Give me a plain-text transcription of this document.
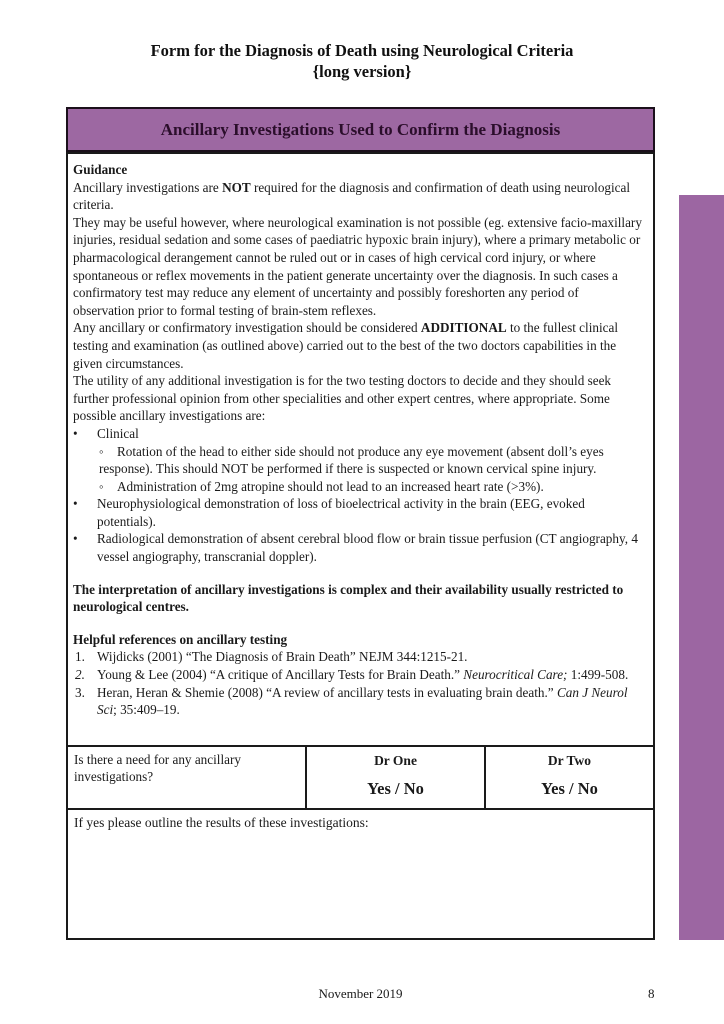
Form for the Diagnosis of Death using Neurological Criteria
{long version}
Ancillary Investigations Used to Confirm the Diagnosis
Guidance
Ancillary investigations are NOT required for the diagnosis and confirmation of death using neurological criteria.
They may be useful however, where neurological examination is not possible (eg. extensive facio-maxillary injuries, residual sedation and some cases of paediatric hypoxic brain injury), where a primary metabolic or pharmacological derangement cannot be ruled out or in cases of high cervical cord injury, or where spontaneous or reflex movements in the patient generate uncertainty over the diagnosis. In such cases a confirmatory test may reduce any element of uncertainty and possibly foreshorten any period of observation prior to formal testing of brain-stem reflexes.
Any ancillary or confirmatory investigation should be considered ADDITIONAL to the fullest clinical testing and examination (as outlined above) carried out to the best of the two doctors capabilities in the given circumstances.
The utility of any additional investigation is for the two testing doctors to decide and they should seek further professional opinion from other specialities and other expert centres, where appropriate. Some possible ancillary investigations are:
• Clinical
◦ Rotation of the head to either side should not produce any eye movement (absent doll’s eyes response). This should NOT be performed if there is suspected or known cervical spine injury.
◦ Administration of 2mg atropine should not lead to an increased heart rate (>3%).
• Neurophysiological demonstration of loss of bioelectrical activity in the brain (EEG, evoked potentials).
• Radiological demonstration of absent cerebral blood flow or brain tissue perfusion (CT angiography, 4 vessel angiography, transcranial doppler).
The interpretation of ancillary investigations is complex and their availability usually restricted to neurological centres.
Helpful references on ancillary testing
1. Wijdicks (2001) “The Diagnosis of Brain Death” NEJM 344:1215-21.
2. Young & Lee (2004) “A critique of Ancillary Tests for Brain Death.” Neurocritical Care; 1:499-508.
3. Heran, Heran & Shemie (2008) “A review of ancillary tests in evaluating brain death.” Can J Neurol Sci; 35:409–19.
Is there a need for any ancillary investigations?
Dr One
Yes / No
Dr Two
Yes / No
If yes please outline the results of these investigations:
November 2019	8
